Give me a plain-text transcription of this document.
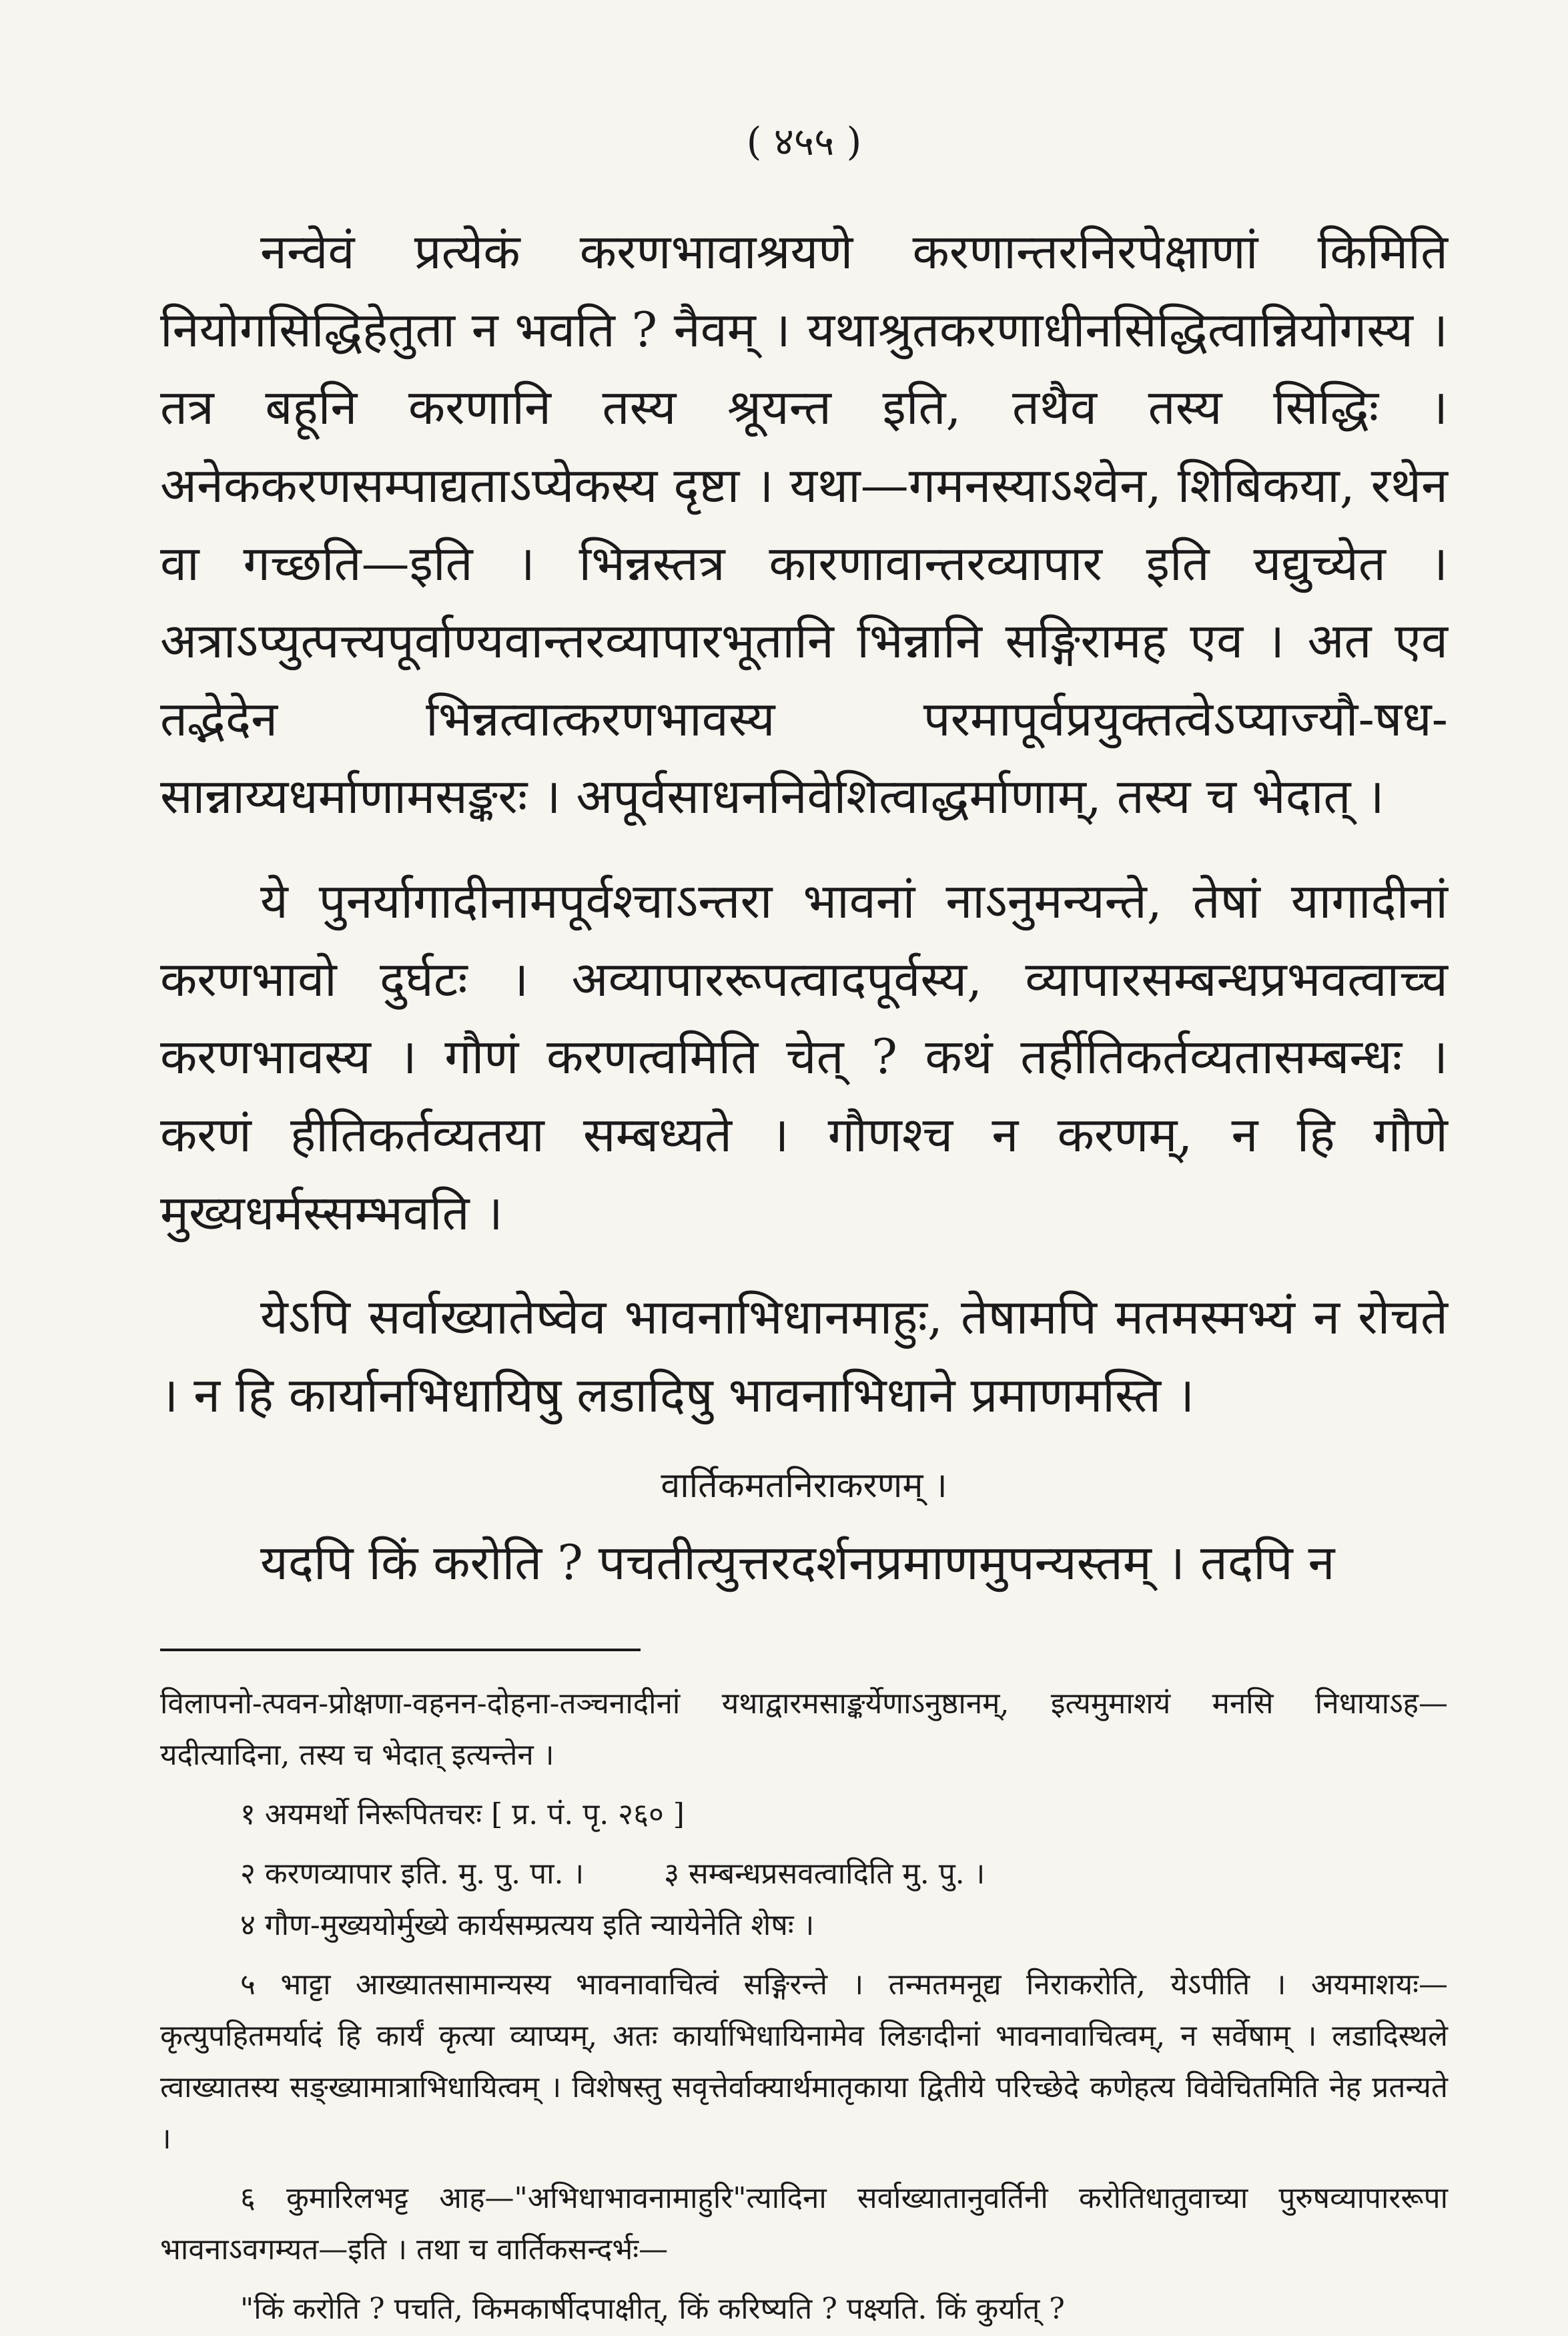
( ४५५ )

नन्वेवं प्रत्येकं करणभावाश्रयणे करणान्तरनिरपेक्षाणां किमिति नियोगसिद्धिहेतुता न भवति ? नैवम् । यथाश्रुतकरणाधीनसिद्धित्वान्नियोगस्य । तत्र बहूनि करणानि तस्य श्रूयन्त इति, तथैव तस्य सिद्धिः । अनेककरणसम्पाद्यताऽप्येकस्य दृष्टा । यथा—गमनस्याऽश्वेन, शिबिकया, रथेन वा गच्छति—इति । भिन्नस्तत्र कारणावान्तरव्यापार इति यद्युच्येत । अत्राऽप्युत्पत्त्यपूर्वाण्यवान्तरव्यापारभूतानि भिन्नानि सङ्गिरामह एव । अत एव तद्भेदेन भिन्नत्वात्करणभावस्य परमापूर्वप्रयुक्तत्वेऽप्याज्यौ-षध-सान्नाय्यधर्माणामसङ्करः । अपूर्वसाधननिवेशित्वाद्धर्माणाम्, तस्य च भेदात् ।

ये पुनर्यागादीनामपूर्वश्चाऽन्तरा भावनां नाऽनुमन्यन्ते, तेषां यागादीनां करणभावो दुर्घटः । अव्यापाररूपत्वादपूर्वस्य, व्यापारसम्बन्धप्रभवत्वाच्च करणभावस्य । गौणं करणत्वमिति चेत् ? कथं तर्हीतिकर्तव्यतासम्बन्धः । करणं हीतिकर्तव्यतया सम्बध्यते । गौणश्च न करणम्, न हि गौणे मुख्यधर्मस्सम्भवति ।

येऽपि सर्वाख्यातेष्वेव भावनाभिधानमाहुः, तेषामपि मतमस्मभ्यं न रोचते । न हि कार्यानभिधायिषु लडादिषु भावनाभिधाने प्रमाणमस्ति ।

वार्तिकमतनिराकरणम् ।

यदपि किं करोति ? पचतीत्युत्तरदर्शनप्रमाणमुपन्यस्तम् । तदपि न

विलापनो-त्पवन-प्रोक्षणा-वहनन-दोहना-तञ्चनादीनां यथाद्वारमसाङ्कर्येणाऽनुष्ठानम्, इत्यमुमाशयं मनसि निधायाऽह—यदीत्यादिना, तस्य च भेदात् इत्यन्तेन ।

१ अयमर्थो निरूपितचरः [ प्र. पं. पृ. २६० ]

२ करणव्यापार इति. मु. पु. पा. ।	३ सम्बन्धप्रसवत्वादिति मु. पु. ।

४ गौण-मुख्ययोर्मुख्ये कार्यसम्प्रत्यय इति न्यायेनेति शेषः ।

५ भाट्टा आख्यातसामान्यस्य भावनावाचित्वं सङ्गिरन्ते । तन्मतमनूद्य निराकरोति, येऽपीति । अयमाशयः—कृत्युपहितमर्यादं हि कार्यं कृत्या व्याप्यम्, अतः कार्याभिधायिनामेव लिङादीनां भावनावाचित्वम्, न सर्वेषाम् । लडादिस्थले त्वाख्यातस्य सङ्ख्यामात्राभिधायित्वम् । विशेषस्तु सवृत्तेर्वाक्यार्थमातृकाया द्वितीये परिच्छेदे कणेहत्य विवेचितमिति नेह प्रतन्यते ।

६ कुमारिलभट्ट आह—"अभिधाभावनामाहुरि"त्यादिना सर्वाख्यातानुवर्तिनी करोतिधातुवाच्या पुरुषव्यापाररूपा भावनाऽवगम्यत—इति । तथा च वार्तिकसन्दर्भः—

"किं करोति ? पचति, किमकार्षीदपाक्षीत्, किं करिष्यति ? पक्ष्यति. किं कुर्यात् ?
